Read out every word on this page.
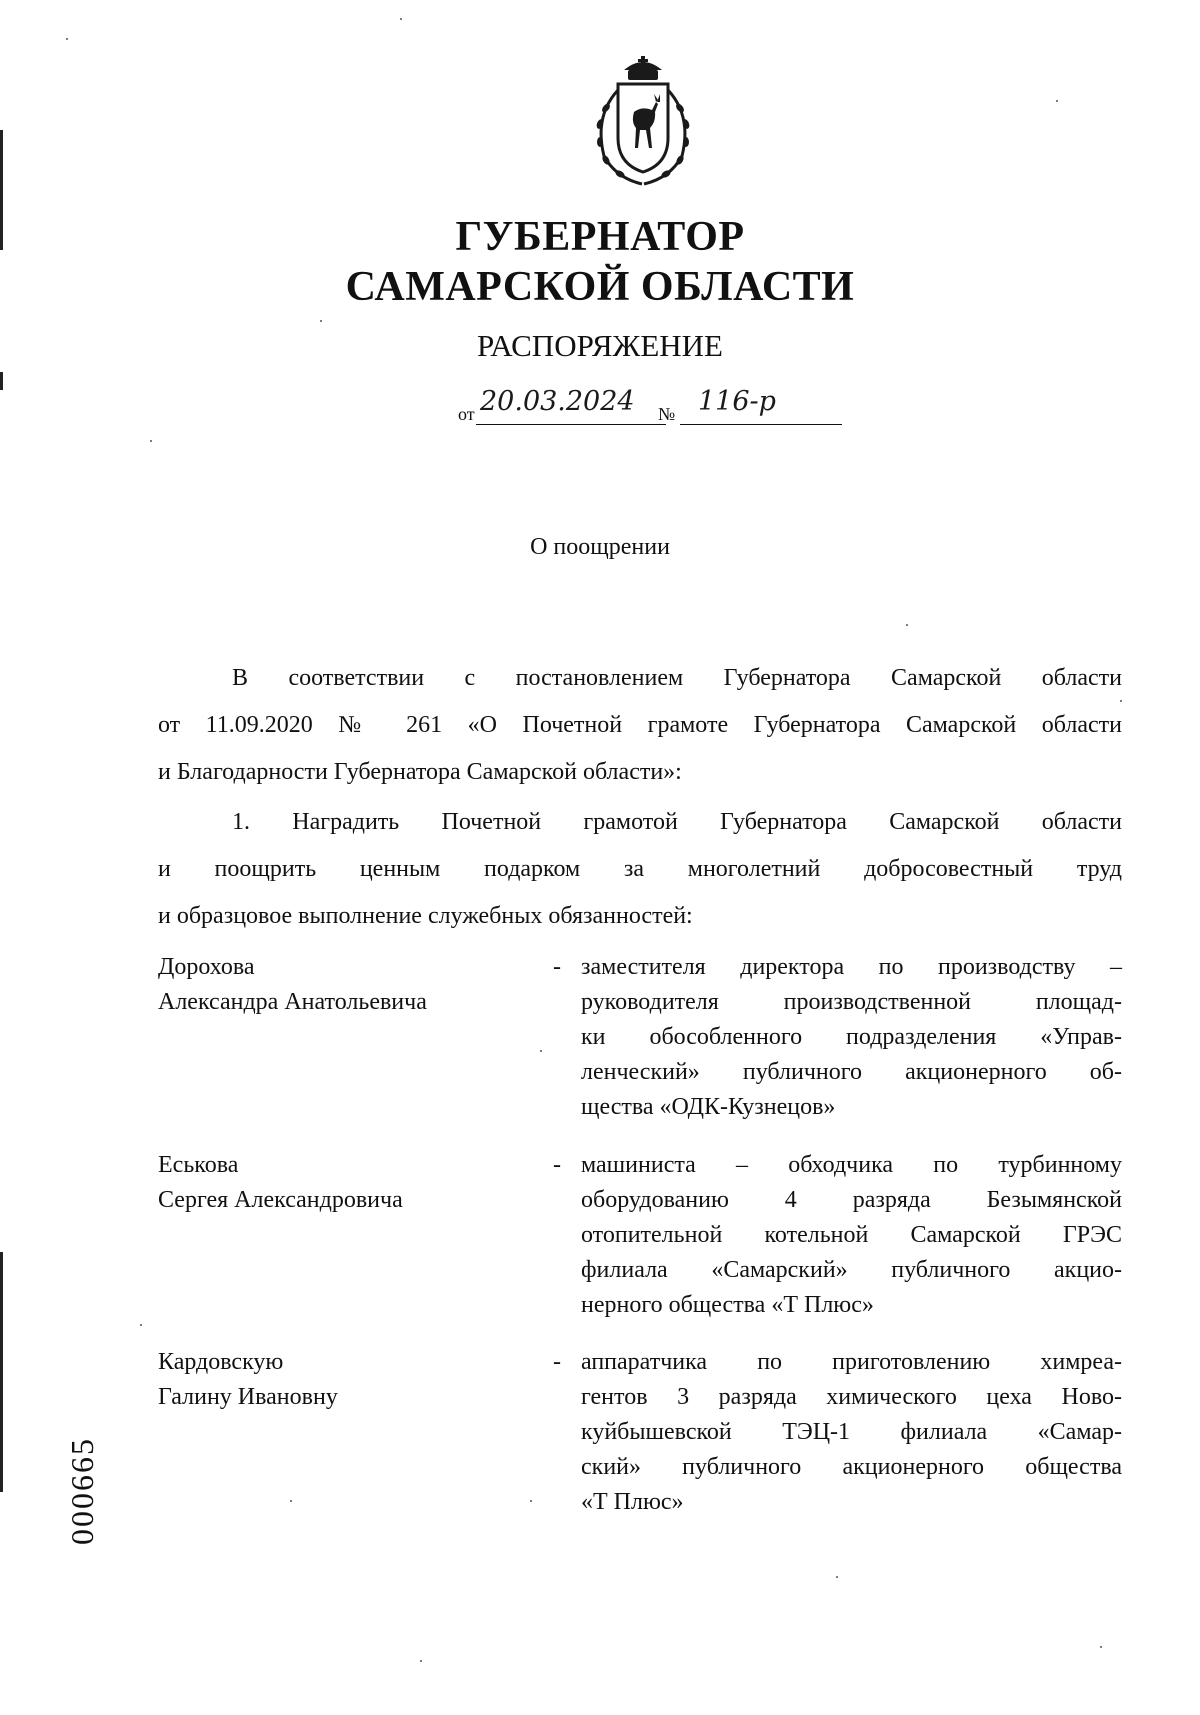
ГУБЕРНАТОР
САМАРСКОЙ ОБЛАСТИ
РАСПОРЯЖЕНИЕ
от 20.03.2024 № 116-р
О поощрении
В соответствии с постановлением Губернатора Самарской области
от 11.09.2020 № 261 «О Почетной грамоте Губернатора Самарской области
и Благодарности Губернатора Самарской области»:
1. Наградить Почетной грамотой Губернатора Самарской области
и поощрить ценным подарком за многолетний добросовестный труд
и образцовое выполнение служебных обязанностей:
Дорохова
Александра Анатольевича
- заместителя директора по производству –
руководителя производственной площад-
ки обособленного подразделения «Управ-
ленческий» публичного акционерного об-
щества «ОДК-Кузнецов»
Еськова
Сергея Александровича
- машиниста – обходчика по турбинному
оборудованию 4 разряда Безымянской
отопительной котельной Самарской ГРЭС
филиала «Самарский» публичного акцио-
нерного общества «Т Плюс»
Кардовскую
Галину Ивановну
- аппаратчика по приготовлению химреа-
гентов 3 разряда химического цеха Ново-
куйбышевской ТЭЦ-1 филиала «Самар-
ский» публичного акционерного общества
«Т Плюс»
000665
